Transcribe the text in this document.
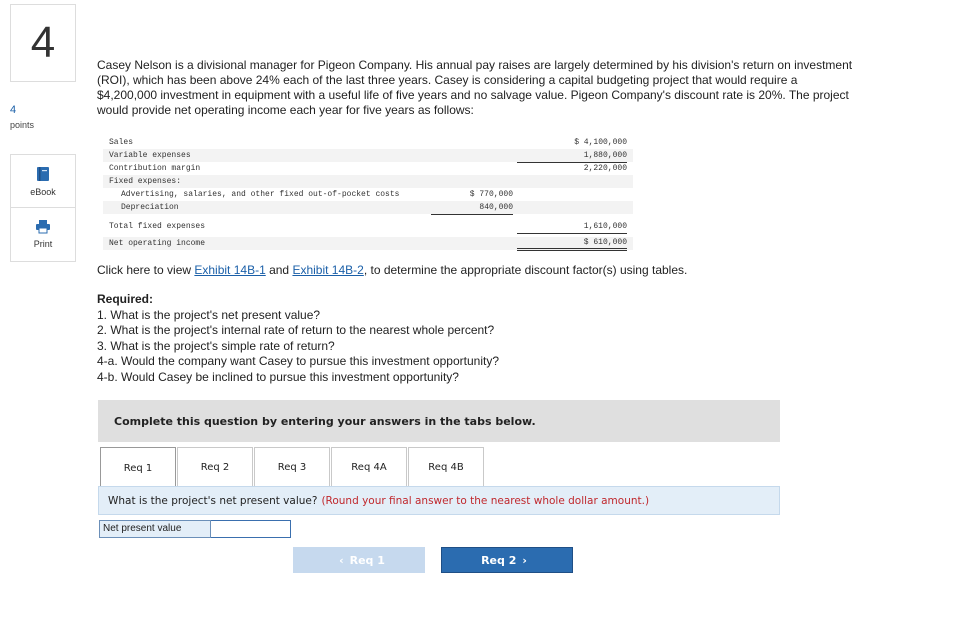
4
4
points
eBook
Print
Casey Nelson is a divisional manager for Pigeon Company. His annual pay raises are largely determined by his division's return on investment (ROI), which has been above 24% each of the last three years. Casey is considering a capital budgeting project that would require a $4,200,000 investment in equipment with a useful life of five years and no salvage value. Pigeon Company's discount rate is 20%. The project would provide net operating income each year for five years as follows:
Sales	$ 4,100,000
Variable expenses	1,880,000
Contribution margin	2,220,000
Fixed expenses:
Advertising, salaries, and other fixed out-of-pocket costs	$ 770,000
Depreciation	840,000
Total fixed expenses	1,610,000
Net operating income	$ 610,000
Click here to view Exhibit 14B-1 and Exhibit 14B-2, to determine the appropriate discount factor(s) using tables.
Required:
1. What is the project's net present value?
2. What is the project's internal rate of return to the nearest whole percent?
3. What is the project's simple rate of return?
4-a. Would the company want Casey to pursue this investment opportunity?
4-b. Would Casey be inclined to pursue this investment opportunity?
Complete this question by entering your answers in the tabs below.
Req 1	Req 2	Req 3	Req 4A	Req 4B
What is the project's net present value? (Round your final answer to the nearest whole dollar amount.)
Net present value
‹ Req 1	Req 2 ›
